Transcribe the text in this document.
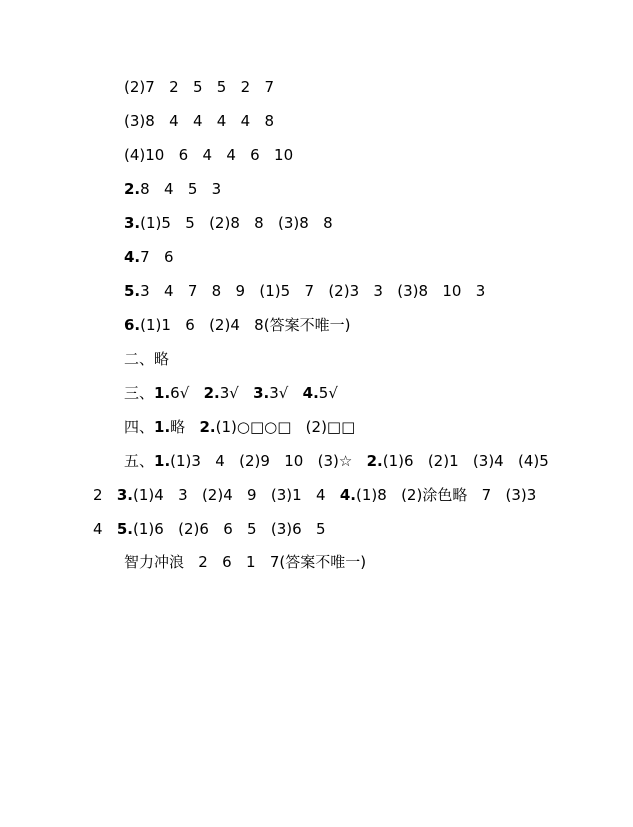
(2)7   2   5   5   2   7
(3)8   4   4   4   4   8
(4)10   6   4   4   6   10
2.8   4   5   3
3.(1)5   5   (2)8   8   (3)8   8
4.7   6
5.3   4   7   8   9   (1)5   7   (2)3   3   (3)8   10   3
6.(1)1   6   (2)4   8(答案不唯一)
二、略
三、1.6√   2.3√   3.3√   4.5√
四、1.略   2.(1)○□○□   (2)□□
五、1.(1)3   4   (2)9   10   (3)☆   2.(1)6   (2)1   (3)4   (4)5
2   3.(1)4   3   (2)4   9   (3)1   4   4.(1)8   (2)涂色略   7   (3)3
4   5.(1)6   (2)6   6   5   (3)6   5
智力冲浪   2   6   1   7(答案不唯一)
